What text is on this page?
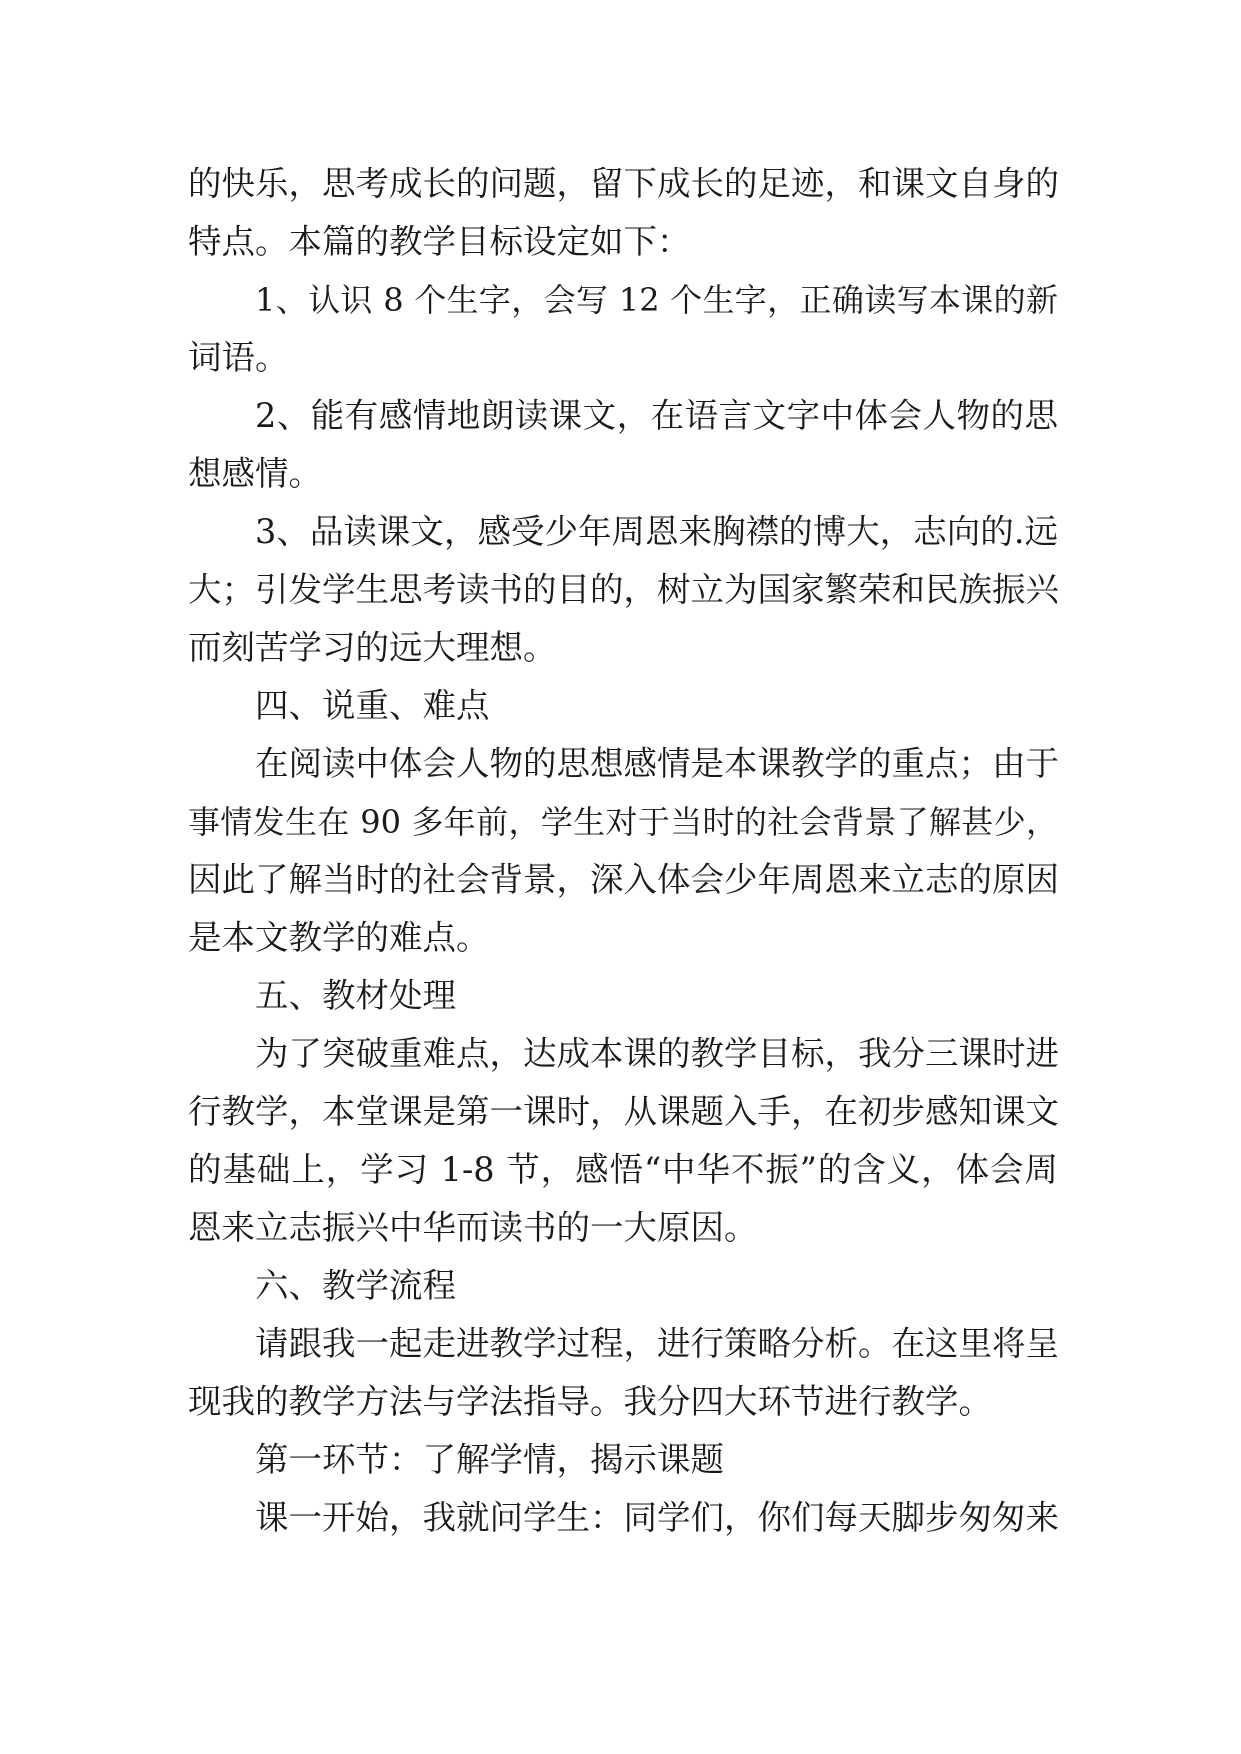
的快乐，思考成长的问题，留下成长的足迹，和课文自身的
特点。本篇的教学目标设定如下：
1、认识 8 个生字，会写 12 个生字，正确读写本课的新
词语。
2、能有感情地朗读课文，在语言文字中体会人物的思
想感情。
3、品读课文，感受少年周恩来胸襟的博大，志向的.远
大；引发学生思考读书的目的，树立为国家繁荣和民族振兴
而刻苦学习的远大理想。
四、说重、难点
在阅读中体会人物的思想感情是本课教学的重点；由于
事情发生在 90 多年前，学生对于当时的社会背景了解甚少，
因此了解当时的社会背景，深入体会少年周恩来立志的原因
是本文教学的难点。
五、教材处理
为了突破重难点，达成本课的教学目标，我分三课时进
行教学，本堂课是第一课时，从课题入手，在初步感知课文
的基础上，学习 1-8 节，感悟“中华不振”的含义，体会周
恩来立志振兴中华而读书的一大原因。
六、教学流程
请跟我一起走进教学过程，进行策略分析。在这里将呈
现我的教学方法与学法指导。我分四大环节进行教学。
第一环节：了解学情，揭示课题
课一开始，我就问学生：同学们，你们每天脚步匆匆来
